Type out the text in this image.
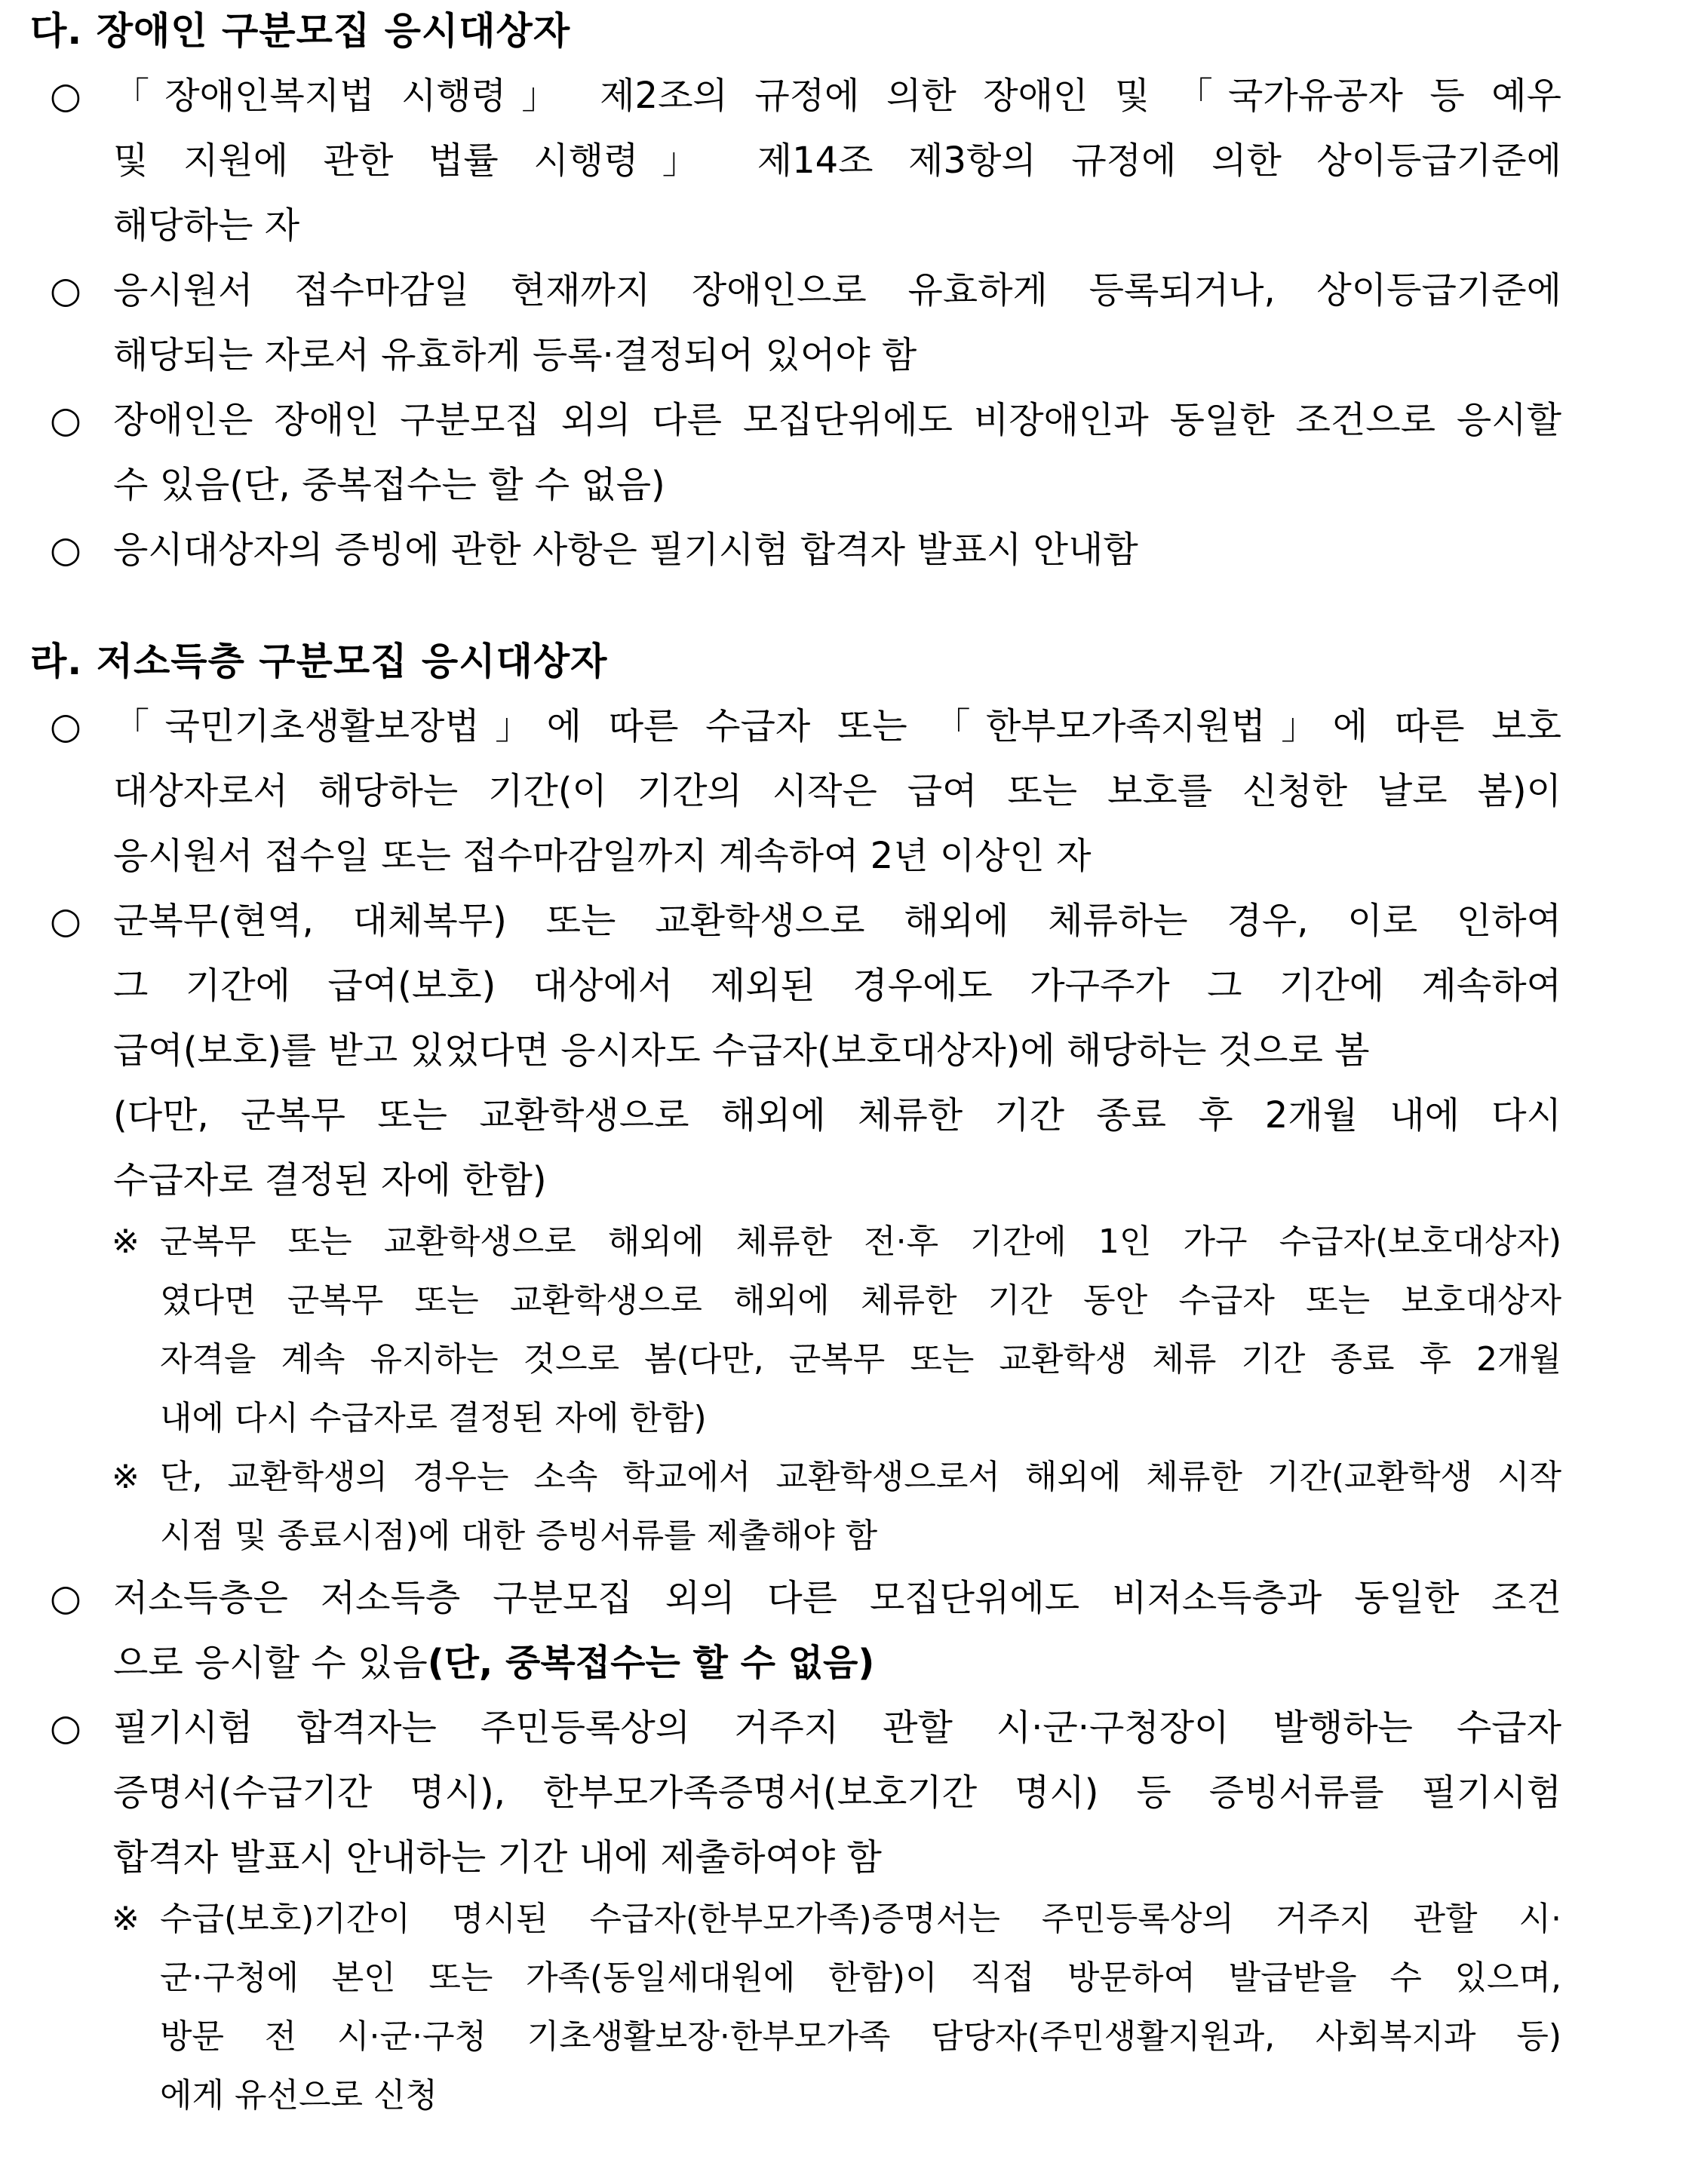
다. 장애인 구분모집 응시대상자
○ 「장애인복지법 시행령」 제2조의 규정에 의한 장애인 및 「국가유공자 등 예우
및 지원에 관한 법률 시행령」 제14조 제3항의 규정에 의한 상이등급기준에
해당하는 자
○ 응시원서 접수마감일 현재까지 장애인으로 유효하게 등록되거나, 상이등급기준에
해당되는 자로서 유효하게 등록·결정되어 있어야 함
○ 장애인은 장애인 구분모집 외의 다른 모집단위에도 비장애인과 동일한 조건으로 응시할
수 있음(단, 중복접수는 할 수 없음)
○ 응시대상자의 증빙에 관한 사항은 필기시험 합격자 발표시 안내함
라. 저소득층 구분모집 응시대상자
○ 「국민기초생활보장법」에 따른 수급자 또는 「한부모가족지원법」에 따른 보호
대상자로서 해당하는 기간(이 기간의 시작은 급여 또는 보호를 신청한 날로 봄)이
응시원서 접수일 또는 접수마감일까지 계속하여 2년 이상인 자
○ 군복무(현역, 대체복무) 또는 교환학생으로 해외에 체류하는 경우, 이로 인하여
그 기간에 급여(보호) 대상에서 제외된 경우에도 가구주가 그 기간에 계속하여
급여(보호)를 받고 있었다면 응시자도 수급자(보호대상자)에 해당하는 것으로 봄
(다만, 군복무 또는 교환학생으로 해외에 체류한 기간 종료 후 2개월 내에 다시
수급자로 결정된 자에 한함)
※ 군복무 또는 교환학생으로 해외에 체류한 전·후 기간에 1인 가구 수급자(보호대상자)
였다면 군복무 또는 교환학생으로 해외에 체류한 기간 동안 수급자 또는 보호대상자
자격을 계속 유지하는 것으로 봄(다만, 군복무 또는 교환학생 체류 기간 종료 후 2개월
내에 다시 수급자로 결정된 자에 한함)
※ 단, 교환학생의 경우는 소속 학교에서 교환학생으로서 해외에 체류한 기간(교환학생 시작
시점 및 종료시점)에 대한 증빙서류를 제출해야 함
○ 저소득층은 저소득층 구분모집 외의 다른 모집단위에도 비저소득층과 동일한 조건
으로 응시할 수 있음(단, 중복접수는 할 수 없음)
○ 필기시험 합격자는 주민등록상의 거주지 관할 시·군·구청장이 발행하는 수급자
증명서(수급기간 명시), 한부모가족증명서(보호기간 명시) 등 증빙서류를 필기시험
합격자 발표시 안내하는 기간 내에 제출하여야 함
※ 수급(보호)기간이 명시된 수급자(한부모가족)증명서는 주민등록상의 거주지 관할 시·
군·구청에 본인 또는 가족(동일세대원에 한함)이 직접 방문하여 발급받을 수 있으며,
방문 전 시·군·구청 기초생활보장·한부모가족 담당자(주민생활지원과, 사회복지과 등)
에게 유선으로 신청
